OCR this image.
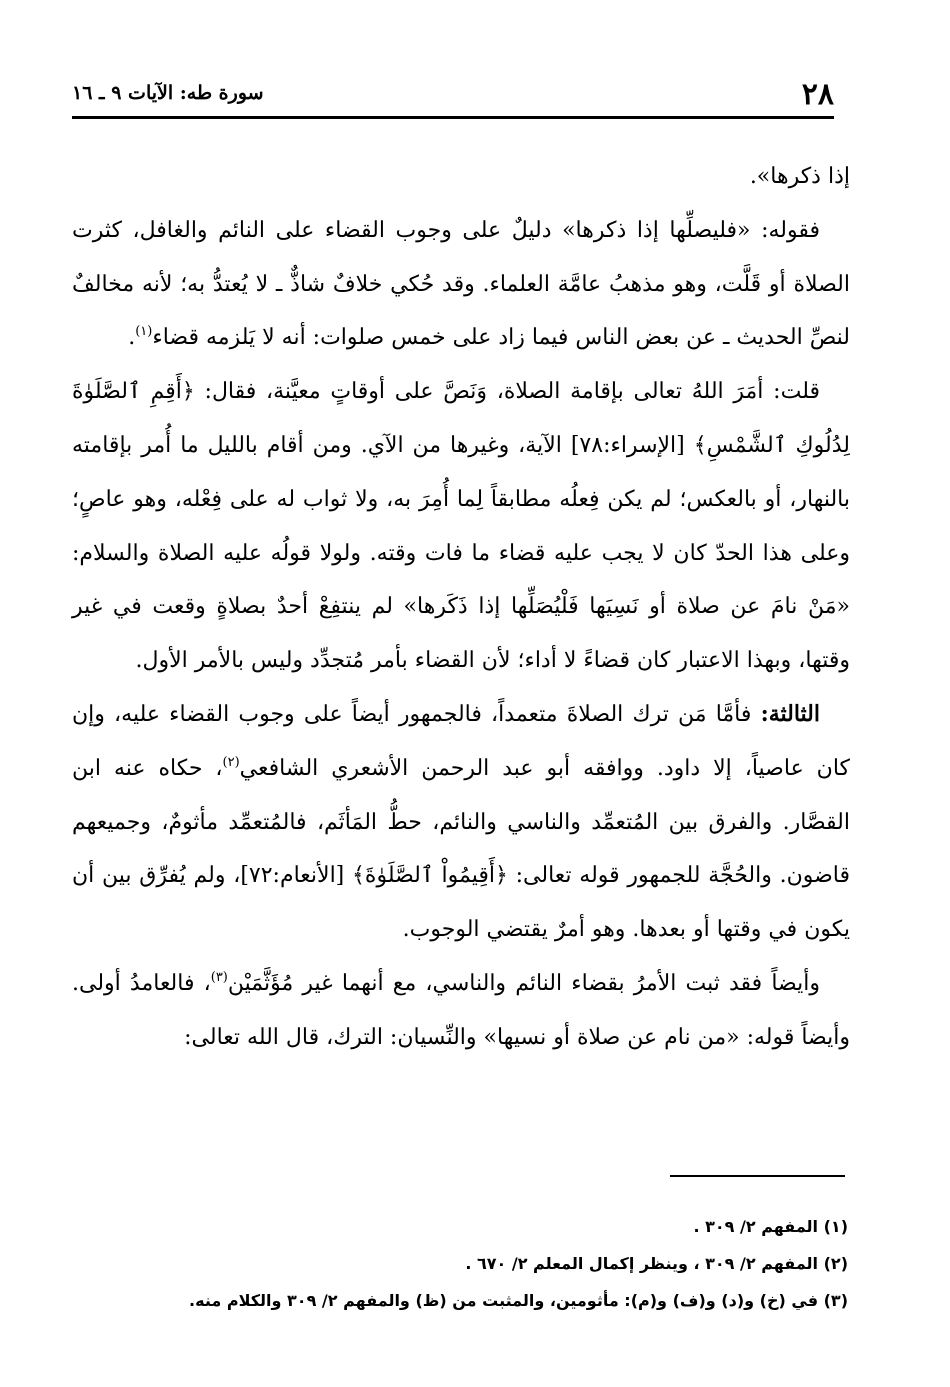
٢٨
سورة طه: الآيات ٩ ـ ١٦

إذا ذكرها».

فقوله: «فليصلِّها إذا ذكرها» دليلٌ على وجوب القضاء على النائم والغافل، كثرت الصلاة أو قَلَّت، وهو مذهبُ عامَّة العلماء. وقد حُكي خلافٌ شاذٌّ ـ لا يُعتدُّ به؛ لأنه مخالفٌ لنصِّ الحديث ـ عن بعض الناس فيما زاد على خمس صلوات: أنه لا يَلزمه قضاء$^{(١)}$.

قلت: أمَرَ اللهُ تعالى بإقامة الصلاة، وَنَصَّ على أوقاتٍ معيَّنة، فقال: ﴿أَقِمِ ٱلصَّلَوٰةَ لِدُلُوكِ ٱلشَّمْسِ﴾ [الإسراء:٧٨] الآية، وغيرها من الآي. ومن أقام بالليل ما أُمر بإقامته بالنهار، أو بالعكس؛ لم يكن فِعلُه مطابقاً لِما أُمِرَ به، ولا ثواب له على فِعْله، وهو عاصٍ؛ وعلى هذا الحدّ كان لا يجب عليه قضاء ما فات وقته. ولولا قولُه عليه الصلاة والسلام: «مَنْ نامَ عن صلاة أو نَسِيَها فَلْيُصَلِّها إذا ذَكَرها» لم ينتفِعْ أحدٌ بصلاةٍ وقعت في غير وقتها، وبهذا الاعتبار كان قضاءً لا أداء؛ لأن القضاء بأمر مُتجدِّد وليس بالأمر الأول.

الثالثة: فأمَّا مَن ترك الصلاةَ متعمداً، فالجمهور أيضاً على وجوب القضاء عليه، وإن كان عاصياً، إلا داود. ووافقه أبو عبد الرحمن الأشعري الشافعي$^{(٢)}$، حكاه عنه ابن القصَّار. والفرق بين المُتعمِّد والناسي والنائم، حطُّ المَأثَم، فالمُتعمِّد مأثومٌ، وجميعهم قاضون. والحُجَّة للجمهور قوله تعالى: ﴿أَقِيمُواْ ٱلصَّلَوٰةَ﴾ [الأنعام:٧٢]، ولم يُفرِّق بين أن يكون في وقتها أو بعدها. وهو أمرٌ يقتضي الوجوب.

وأيضاً فقد ثبت الأمرُ بقضاء النائم والناسي، مع أنهما غير مُؤَثَّمَيْن$^{(٣)}$، فالعامدُ أولى. وأيضاً قوله: «من نام عن صلاة أو نسيها» والنِّسيان: الترك، قال الله تعالى:

(١) المفهم ٢/ ٣٠٩ .

(٢) المفهم ٢/ ٣٠٩ ، وينظر إكمال المعلم ٢/ ٦٧٠ .

(٣) في (خ) و(د) و(ف) و(م): مأثومين، والمثبت من (ظ) والمفهم ٢/ ٣٠٩ والكلام منه.
